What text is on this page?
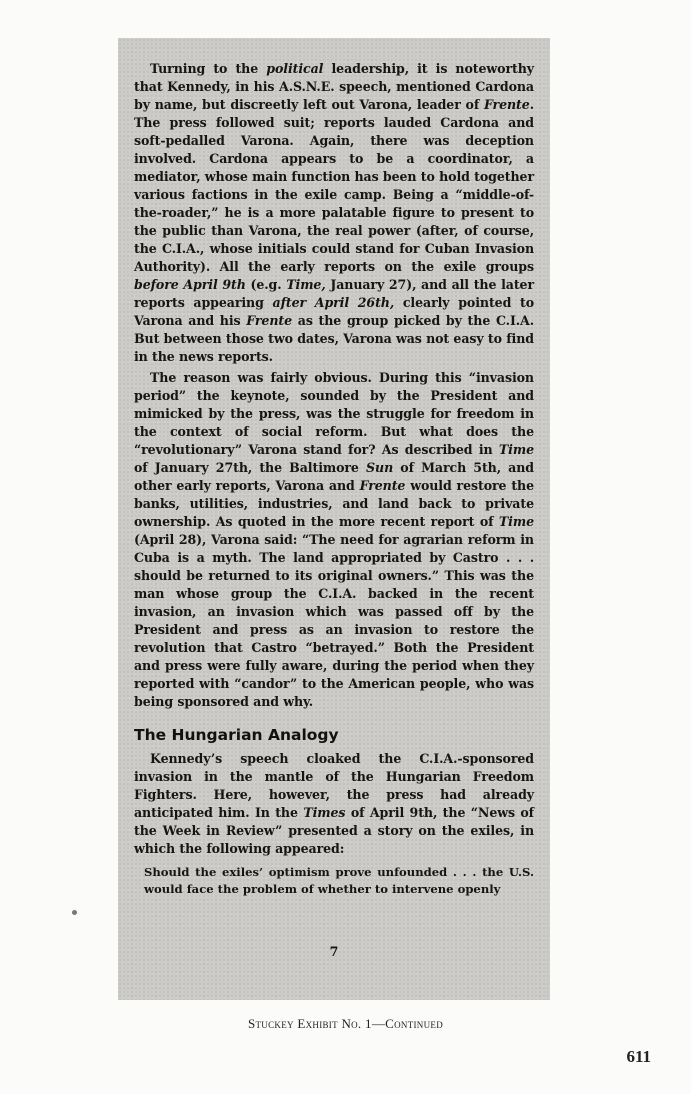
Turning to the political leadership, it is noteworthy that Kennedy, in his A.S.N.E. speech, mentioned Cardona by name, but discreetly left out Varona, leader of Frente. The press followed suit; reports lauded Cardona and soft-pedalled Varona. Again, there was deception involved. Cardona appears to be a coordinator, a mediator, whose main function has been to hold together various factions in the exile camp. Being a “middle-of-the-roader,” he is a more palatable figure to present to the public than Varona, the real power (after, of course, the C.I.A., whose initials could stand for Cuban Invasion Authority). All the early reports on the exile groups before April 9th (e.g. Time, January 27), and all the later reports appearing after April 26th, clearly pointed to Varona and his Frente as the group picked by the C.I.A. But between those two dates, Varona was not easy to find in the news reports.

The reason was fairly obvious. During this “invasion period” the keynote, sounded by the President and mimicked by the press, was the struggle for freedom in the context of social reform. But what does the “revolutionary” Varona stand for? As described in Time of January 27th, the Baltimore Sun of March 5th, and other early reports, Varona and Frente would restore the banks, utilities, industries, and land back to private ownership. As quoted in the more recent report of Time (April 28), Varona said: “The need for agrarian reform in Cuba is a myth. The land appropriated by Castro . . . should be returned to its original owners.” This was the man whose group the C.I.A. backed in the recent invasion, an invasion which was passed off by the President and press as an invasion to restore the revolution that Castro “betrayed.” Both the President and press were fully aware, during the period when they reported with “candor” to the American people, who was being sponsored and why.

The Hungarian Analogy

Kennedy’s speech cloaked the C.I.A.-sponsored invasion in the mantle of the Hungarian Freedom Fighters. Here, however, the press had already anticipated him. In the Times of April 9th, the “News of the Week in Review” presented a story on the exiles, in which the following appeared:

Should the exiles’ optimism prove unfounded . . . the U.S. would face the problem of whether to intervene openly

7
Stuckey Exhibit No. 1—Continued
611
